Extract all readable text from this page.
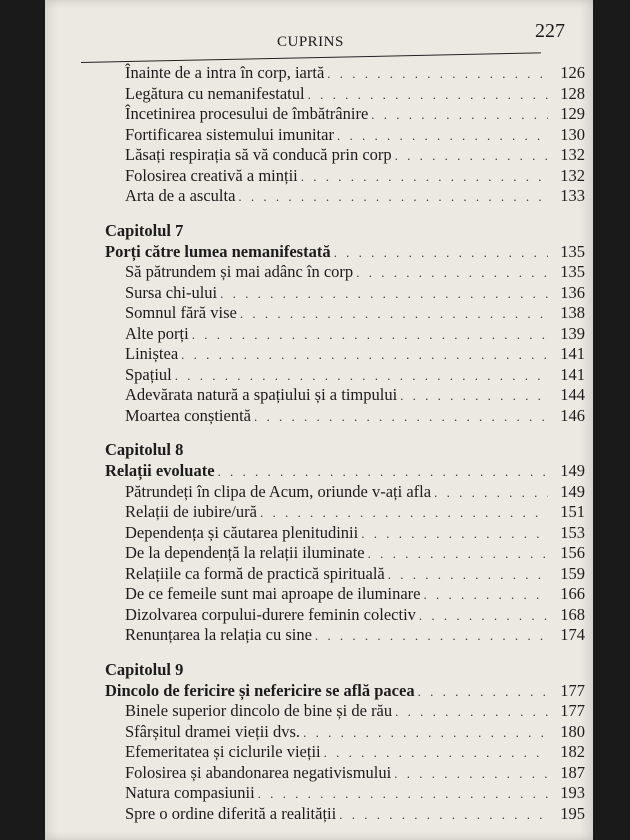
CUPRINS	227
Înainte de a intra în corp, iartă . . .	126
Legătura cu nemanifestatul . . .	128
Încetinirea procesului de îmbătrânire . . .	129
Fortificarea sistemului imunitar . . .	130
Lăsați respirația să vă conducă prin corp . . .	132
Folosirea creativă a minții . . .	132
Arta de a asculta . . .	133
Capitolul 7
Porți către lumea nemanifestată . . .	135
Să pătrundem și mai adânc în corp . . .	135
Sursa chi-ului . . .	136
Somnul fără vise . . .	138
Alte porți . . .	139
Liniștea . . .	141
Spațiul . . .	141
Adevărata natură a spațiului și a timpului . . .	144
Moartea conștientă . . .	146
Capitolul 8
Relații evoluate . . .	149
Pătrundeți în clipa de Acum, oriunde v-ați afla . . .	149
Relații de iubire/ură . . .	151
Dependența și căutarea plenitudinii . . .	153
De la dependență la relații iluminate . . .	156
Relațiile ca formă de practică spirituală . . .	159
De ce femeile sunt mai aproape de iluminare . . .	166
Dizolvarea corpului-durere feminin colectiv . . .	168
Renunțarea la relația cu sine . . .	174
Capitolul 9
Dincolo de fericire și nefericire se află pacea . . .	177
Binele superior dincolo de bine și de rău . . .	177
Sfârșitul dramei vieții dvs. . . .	180
Efemeritatea și ciclurile vieții . . .	182
Folosirea și abandonarea negativismului . . .	187
Natura compasiunii . . .	193
Spre o ordine diferită a realității . . .	195
